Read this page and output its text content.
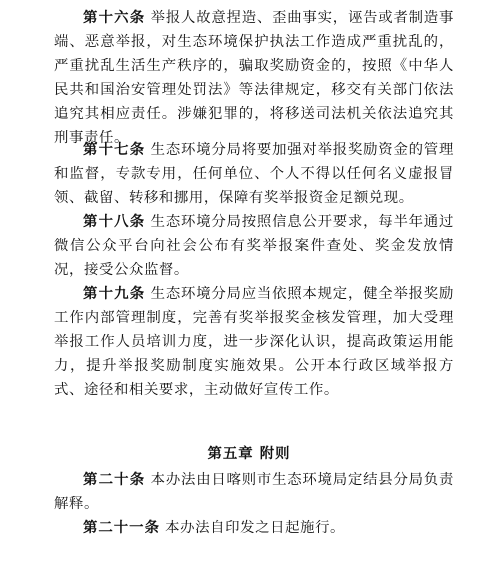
第十六条 举报人故意捏造、歪曲事实，诬告或者制造事端、恶意举报，对生态环境保护执法工作造成严重扰乱的，严重扰乱生活生产秩序的，骗取奖励资金的，按照《中华人民共和国治安管理处罚法》等法律规定，移交有关部门依法追究其相应责任。涉嫌犯罪的，将移送司法机关依法追究其刑事责任。

第十七条 生态环境分局将要加强对举报奖励资金的管理和监督，专款专用，任何单位、个人不得以任何名义虚报冒领、截留、转移和挪用，保障有奖举报资金足额兑现。

第十八条 生态环境分局按照信息公开要求，每半年通过微信公众平台向社会公布有奖举报案件查处、奖金发放情况，接受公众监督。

第十九条 生态环境分局应当依照本规定，健全举报奖励工作内部管理制度，完善有奖举报奖金核发管理，加大受理举报工作人员培训力度，进一步深化认识，提高政策运用能力，提升举报奖励制度实施效果。公开本行政区域举报方式、途径和相关要求，主动做好宣传工作。

第五章 附则

第二十条 本办法由日喀则市生态环境局定结县分局负责解释。

第二十一条 本办法自印发之日起施行。
